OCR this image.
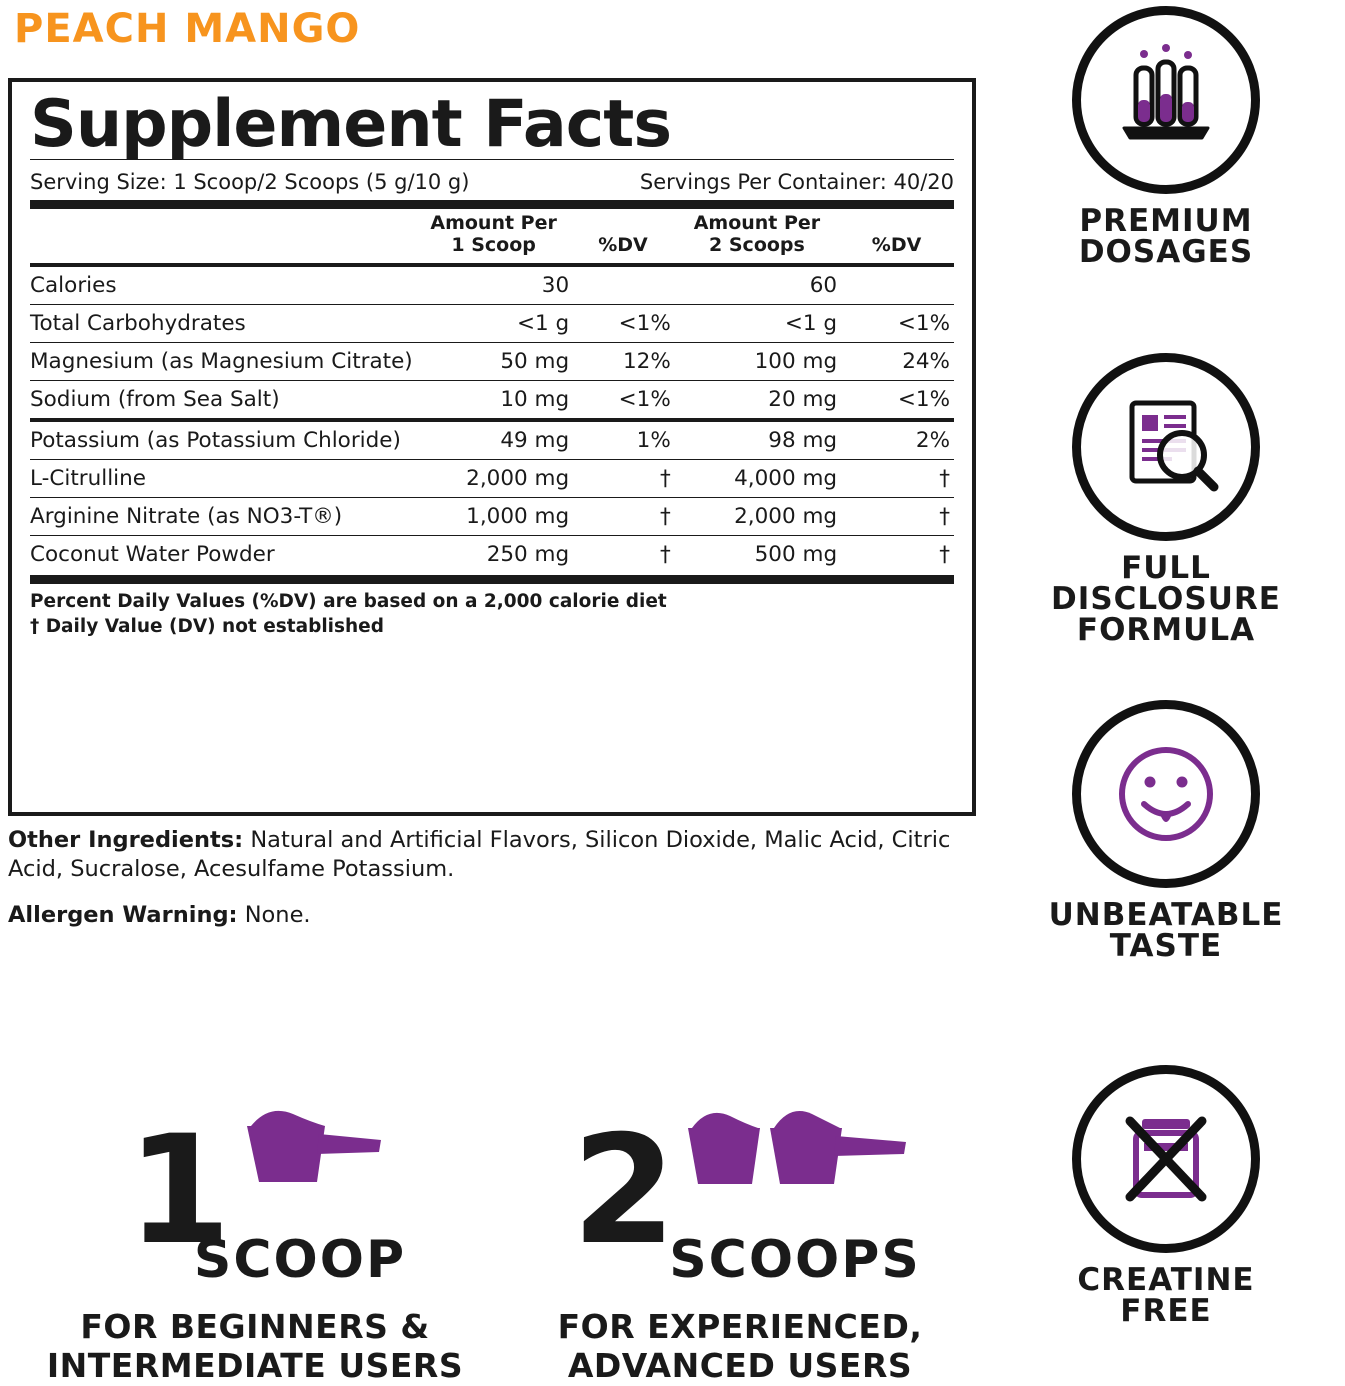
PEACH MANGO
Supplement Facts
Serving Size: 1 Scoop/2 Scoops (5 g/10 g)	Servings Per Container: 40/20
	Amount Per
1 Scoop	%DV	Amount Per
2 Scoops	%DV
Calories	30		60	
Total Carbohydrates	<1 g	<1%	<1 g	<1%
Magnesium (as Magnesium Citrate)	50 mg	12%	100 mg	24%
Sodium (from Sea Salt)	10 mg	<1%	20 mg	<1%
Potassium (as Potassium Chloride)	49 mg	1%	98 mg	2%
L-Citrulline	2,000 mg	†	4,000 mg	†
Arginine Nitrate (as NO3-T®)	1,000 mg	†	2,000 mg	†
Coconut Water Powder	250 mg	†	500 mg	†
Percent Daily Values (%DV) are based on a 2,000 calorie diet
† Daily Value (DV) not established

Other Ingredients: Natural and Artificial Flavors, Silicon Dioxide, Malic Acid, Citric Acid, Sucralose, Acesulfame Potassium.

Allergen Warning: None.

PREMIUM
DOSAGES
FULL
DISCLOSURE
FORMULA
UNBEATABLE
TASTE
CREATINE
FREE
1
SCOOP
FOR BEGINNERS &
INTERMEDIATE USERS
2
SCOOPS
FOR EXPERIENCED,
ADVANCED USERS
